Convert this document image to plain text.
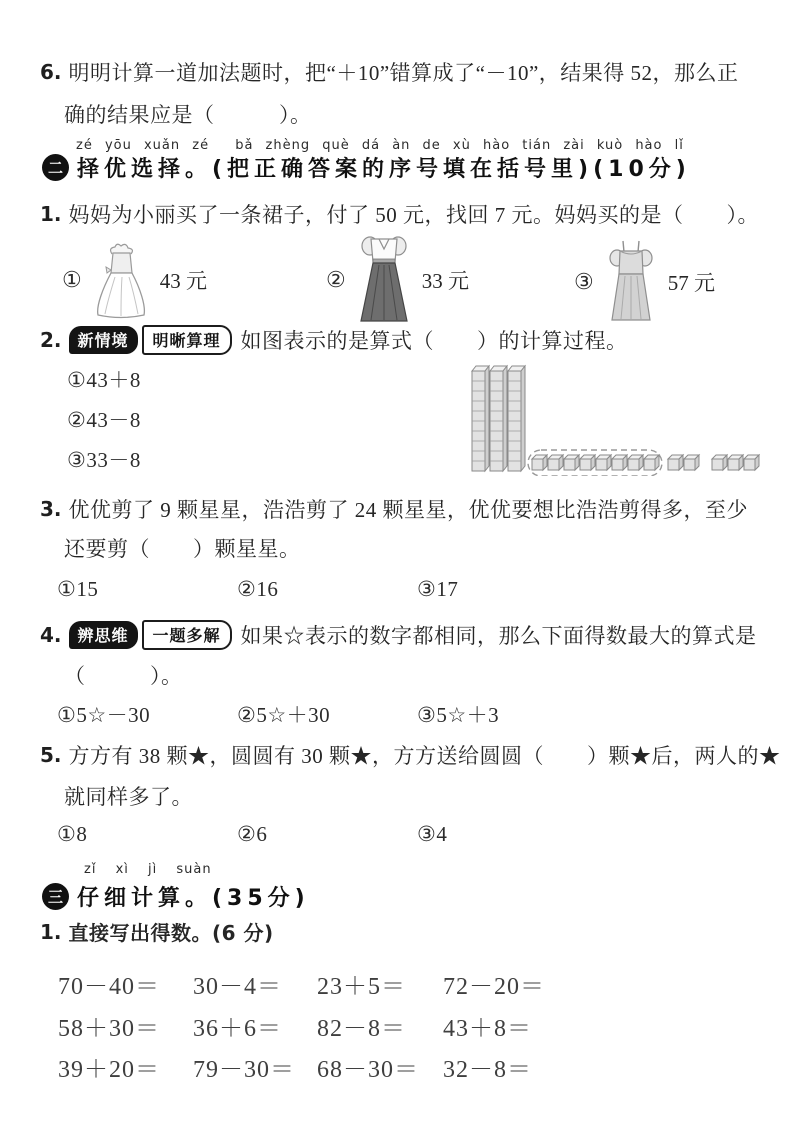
6. 明明计算一道加法题时，把“＋10”错算成了“－10”，结果得 52，那么正
确的结果应是（　　　）。
zé yōu xuǎn zé　 bǎ zhèng què dá àn de xù hào tián zài kuò hào lǐ
二 择优选择。(把正确答案的序号填在括号里)(10分)
1. 妈妈为小丽买了一条裙子，付了 50 元，找回 7 元。妈妈买的是（　　）。
①	43 元	②	33 元	③	57 元
2.	新情境	明晰算理 如图表示的是算式（　　）的计算过程。
①43＋8
②43－8
③33－8
3. 优优剪了 9 颗星星，浩浩剪了 24 颗星星，优优要想比浩浩剪得多，至少
还要剪（　　）颗星星。
①15	②16	③17
4.	辨思维	一题多解 如果☆表示的数字都相同，那么下面得数最大的算式是
（　　　）。
①5☆－30	②5☆＋30	③5☆＋3
5. 方方有 38 颗★，圆圆有 30 颗★，方方送给圆圆（　　）颗★后，两人的★
就同样多了。
①8	②6	③4
zǐ xì jì suàn
三 仔细计算。(35分)
1. 直接写出得数。(6 分)
70－40＝ 30－4＝ 23＋5＝ 72－20＝
58＋30＝ 36＋6＝ 82－8＝ 43＋8＝
39＋20＝ 79－30＝ 68－30＝ 32－8＝
